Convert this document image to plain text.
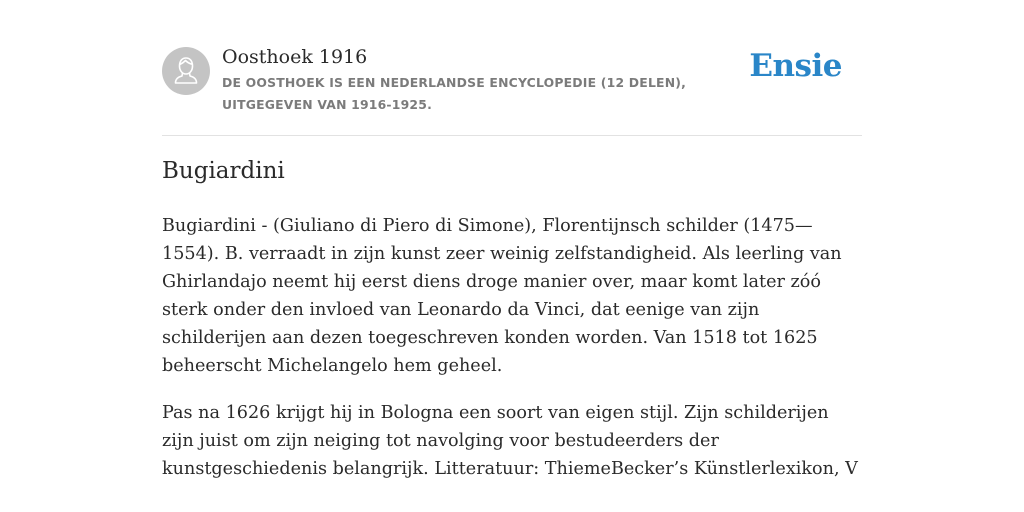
Oosthoek 1916
DE OOSTHOEK IS EEN NEDERLANDSE ENCYCLOPEDIE (12 DELEN), UITGEGEVEN VAN 1916-1925.
Ensie
Bugiardini

Bugiardini - (Giuliano di Piero di Simone), Florentijnsch schilder (1475—1554). B. verraadt in zijn kunst zeer weinig zelfstandigheid. Als leerling van Ghirlandajo neemt hij eerst diens droge manier over, maar komt later zóó sterk onder den invloed van Leonardo da Vinci, dat eenige van zijn schilderijen aan dezen toegeschreven konden worden. Van 1518 tot 1625 beheerscht Michelangelo hem geheel.

Pas na 1626 krijgt hij in Bologna een soort van eigen stijl. Zijn schilderijen zijn juist om zijn neiging tot navolging voor bestudeerders der kunstgeschiedenis belangrijk. Litteratuur: ThiemeBecker’s Künstlerlexikon, V
